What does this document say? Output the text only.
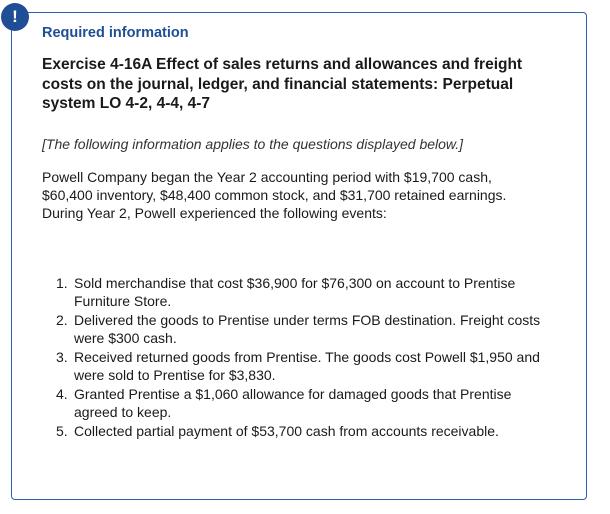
!
Required information
Exercise 4-16A Effect of sales returns and allowances and freight costs on the journal, ledger, and financial statements: Perpetual system LO 4-2, 4-4, 4-7

[The following information applies to the questions displayed below.]

Powell Company began the Year 2 accounting period with $19,700 cash, $60,400 inventory, $48,400 common stock, and $31,700 retained earnings. During Year 2, Powell experienced the following events:

1. Sold merchandise that cost $36,900 for $76,300 on account to Prentise Furniture Store.
2. Delivered the goods to Prentise under terms FOB destination. Freight costs were $300 cash.
3. Received returned goods from Prentise. The goods cost Powell $1,950 and were sold to Prentise for $3,830.
4. Granted Prentise a $1,060 allowance for damaged goods that Prentise agreed to keep.
5. Collected partial payment of $53,700 cash from accounts receivable.
